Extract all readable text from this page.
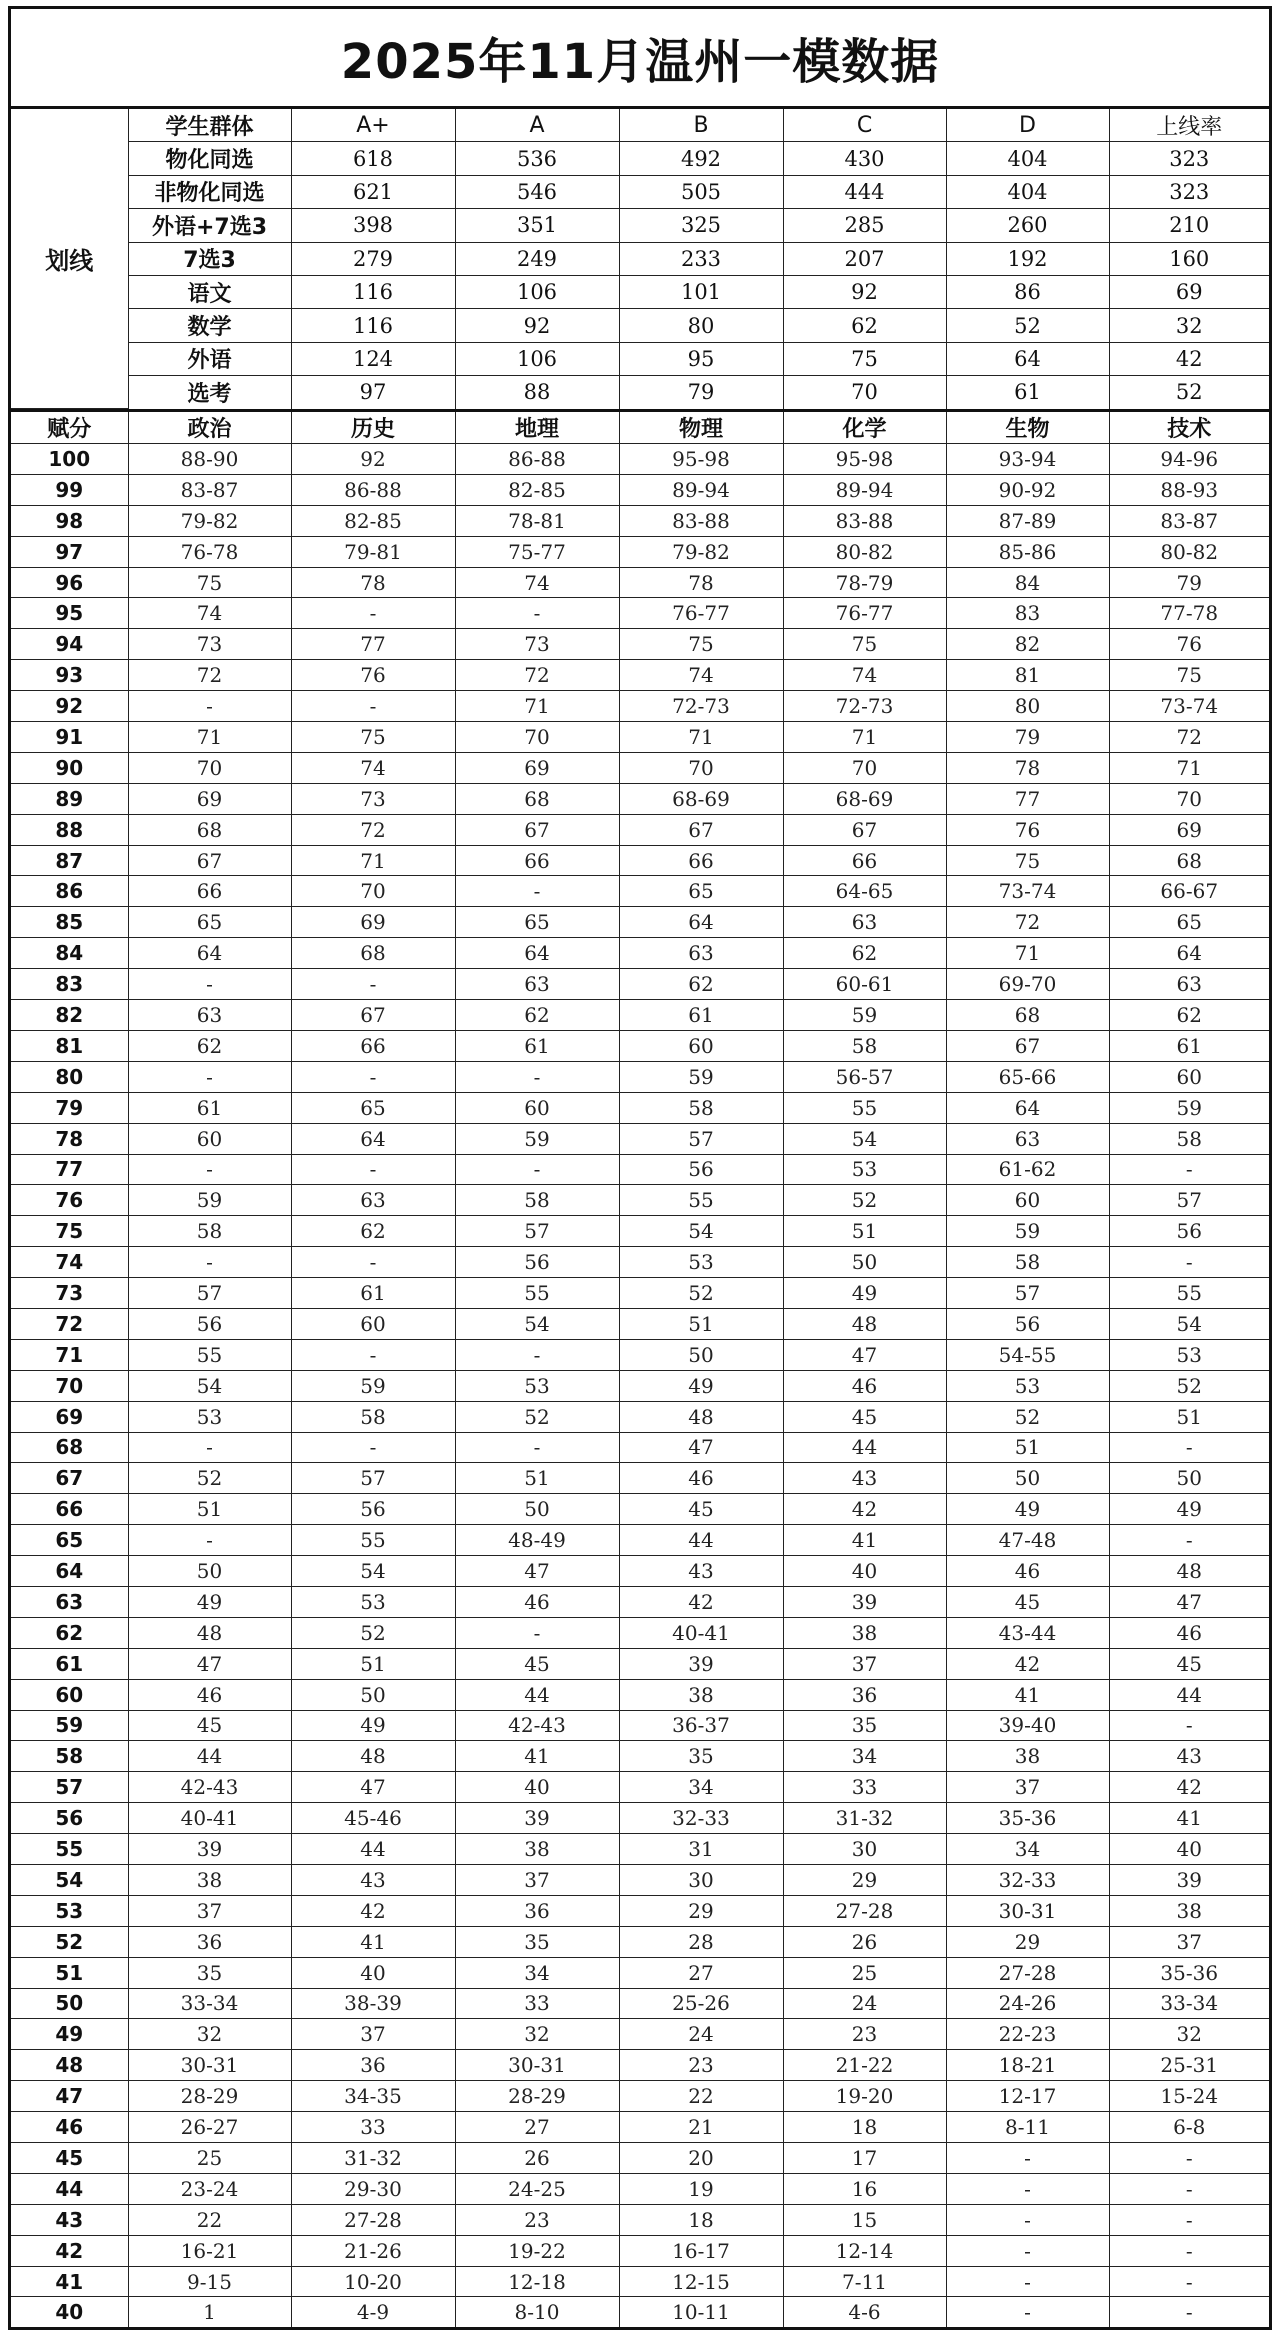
2025年11月温州一模数据
划线	学生群体	A+	A	B	C	D	上线率
	物化同选	618	536	492	430	404	323
	非物化同选	621	546	505	444	404	323
	外语+7选3	398	351	325	285	260	210
	7选3	279	249	233	207	192	160
	语文	116	106	101	92	86	69
	数学	116	92	80	62	52	32
	外语	124	106	95	75	64	42
	选考	97	88	79	70	61	52
赋分	政治	历史	地理	物理	化学	生物	技术
100	88-90	92	86-88	95-98	95-98	93-94	94-96
99	83-87	86-88	82-85	89-94	89-94	90-92	88-93
98	79-82	82-85	78-81	83-88	83-88	87-89	83-87
97	76-78	79-81	75-77	79-82	80-82	85-86	80-82
96	75	78	74	78	78-79	84	79
95	74	-	-	76-77	76-77	83	77-78
94	73	77	73	75	75	82	76
93	72	76	72	74	74	81	75
92	-	-	71	72-73	72-73	80	73-74
91	71	75	70	71	71	79	72
90	70	74	69	70	70	78	71
89	69	73	68	68-69	68-69	77	70
88	68	72	67	67	67	76	69
87	67	71	66	66	66	75	68
86	66	70	-	65	64-65	73-74	66-67
85	65	69	65	64	63	72	65
84	64	68	64	63	62	71	64
83	-	-	63	62	60-61	69-70	63
82	63	67	62	61	59	68	62
81	62	66	61	60	58	67	61
80	-	-	-	59	56-57	65-66	60
79	61	65	60	58	55	64	59
78	60	64	59	57	54	63	58
77	-	-	-	56	53	61-62	-
76	59	63	58	55	52	60	57
75	58	62	57	54	51	59	56
74	-	-	56	53	50	58	-
73	57	61	55	52	49	57	55
72	56	60	54	51	48	56	54
71	55	-	-	50	47	54-55	53
70	54	59	53	49	46	53	52
69	53	58	52	48	45	52	51
68	-	-	-	47	44	51	-
67	52	57	51	46	43	50	50
66	51	56	50	45	42	49	49
65	-	55	48-49	44	41	47-48	-
64	50	54	47	43	40	46	48
63	49	53	46	42	39	45	47
62	48	52	-	40-41	38	43-44	46
61	47	51	45	39	37	42	45
60	46	50	44	38	36	41	44
59	45	49	42-43	36-37	35	39-40	-
58	44	48	41	35	34	38	43
57	42-43	47	40	34	33	37	42
56	40-41	45-46	39	32-33	31-32	35-36	41
55	39	44	38	31	30	34	40
54	38	43	37	30	29	32-33	39
53	37	42	36	29	27-28	30-31	38
52	36	41	35	28	26	29	37
51	35	40	34	27	25	27-28	35-36
50	33-34	38-39	33	25-26	24	24-26	33-34
49	32	37	32	24	23	22-23	32
48	30-31	36	30-31	23	21-22	18-21	25-31
47	28-29	34-35	28-29	22	19-20	12-17	15-24
46	26-27	33	27	21	18	8-11	6-8
45	25	31-32	26	20	17	-	-
44	23-24	29-30	24-25	19	16	-	-
43	22	27-28	23	18	15	-	-
42	16-21	21-26	19-22	16-17	12-14	-	-
41	9-15	10-20	12-18	12-15	7-11	-	-
40	1	4-9	8-10	10-11	4-6	-	-
